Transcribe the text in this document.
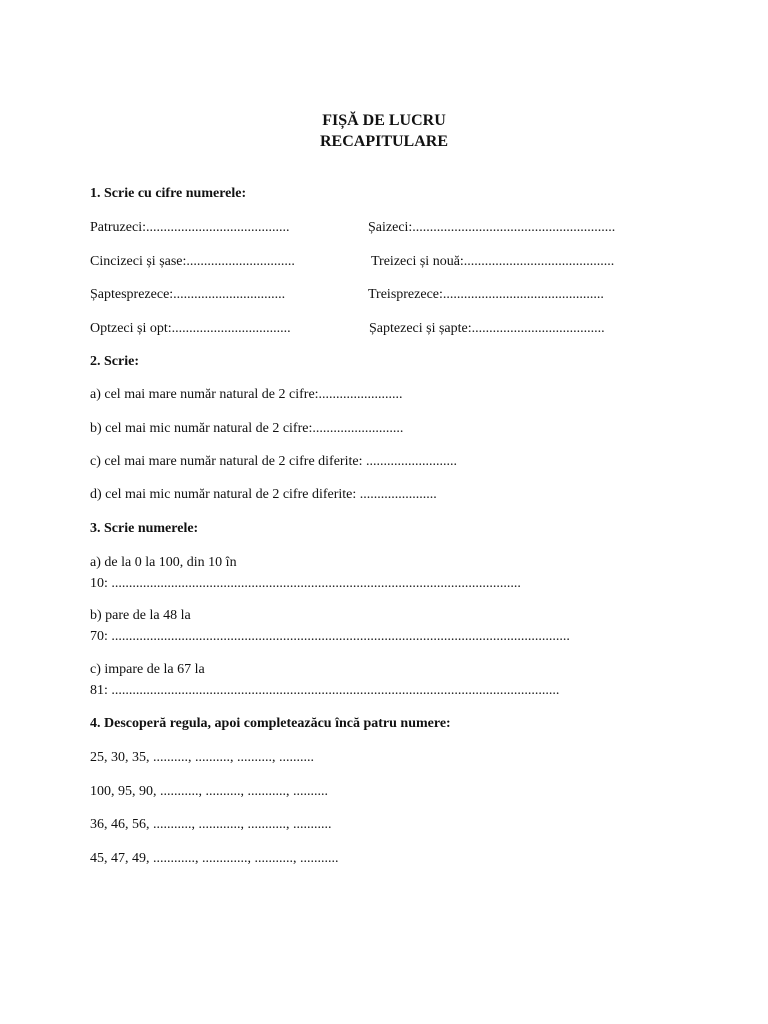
FIȘĂ DE LUCRU
RECAPITULARE
1. Scrie cu cifre numerele:
Patruzeci:.........................................	Șaizeci:..........................................................
Cincizeci și șase:...............................	Treizeci și nouă:...........................................
Șaptesprezece:................................	Treisprezece:..............................................
Optzeci și opt:..................................	Șaptezeci și șapte:......................................
2. Scrie:
a) cel mai mare număr natural de 2 cifre:........................
b) cel mai mic număr natural de 2 cifre:..........................
c) cel mai mare număr natural de 2 cifre diferite: ..........................
d) cel mai mic număr natural de 2 cifre diferite: ......................
3. Scrie numerele:
a) de la 0 la 100, din 10 în
10: .....................................................................................................................
b) pare de la 48 la
70: ...................................................................................................................................
c) impare de la 67 la
81: ................................................................................................................................
4. Descoperă regula, apoi completeazăcu încă patru numere:
25, 30, 35, .........., .........., .........., ..........
100, 95, 90, ..........., .........., ..........., ..........
36, 46, 56, ..........., ............, ..........., ...........
45, 47, 49, ............, ............., ..........., ...........
